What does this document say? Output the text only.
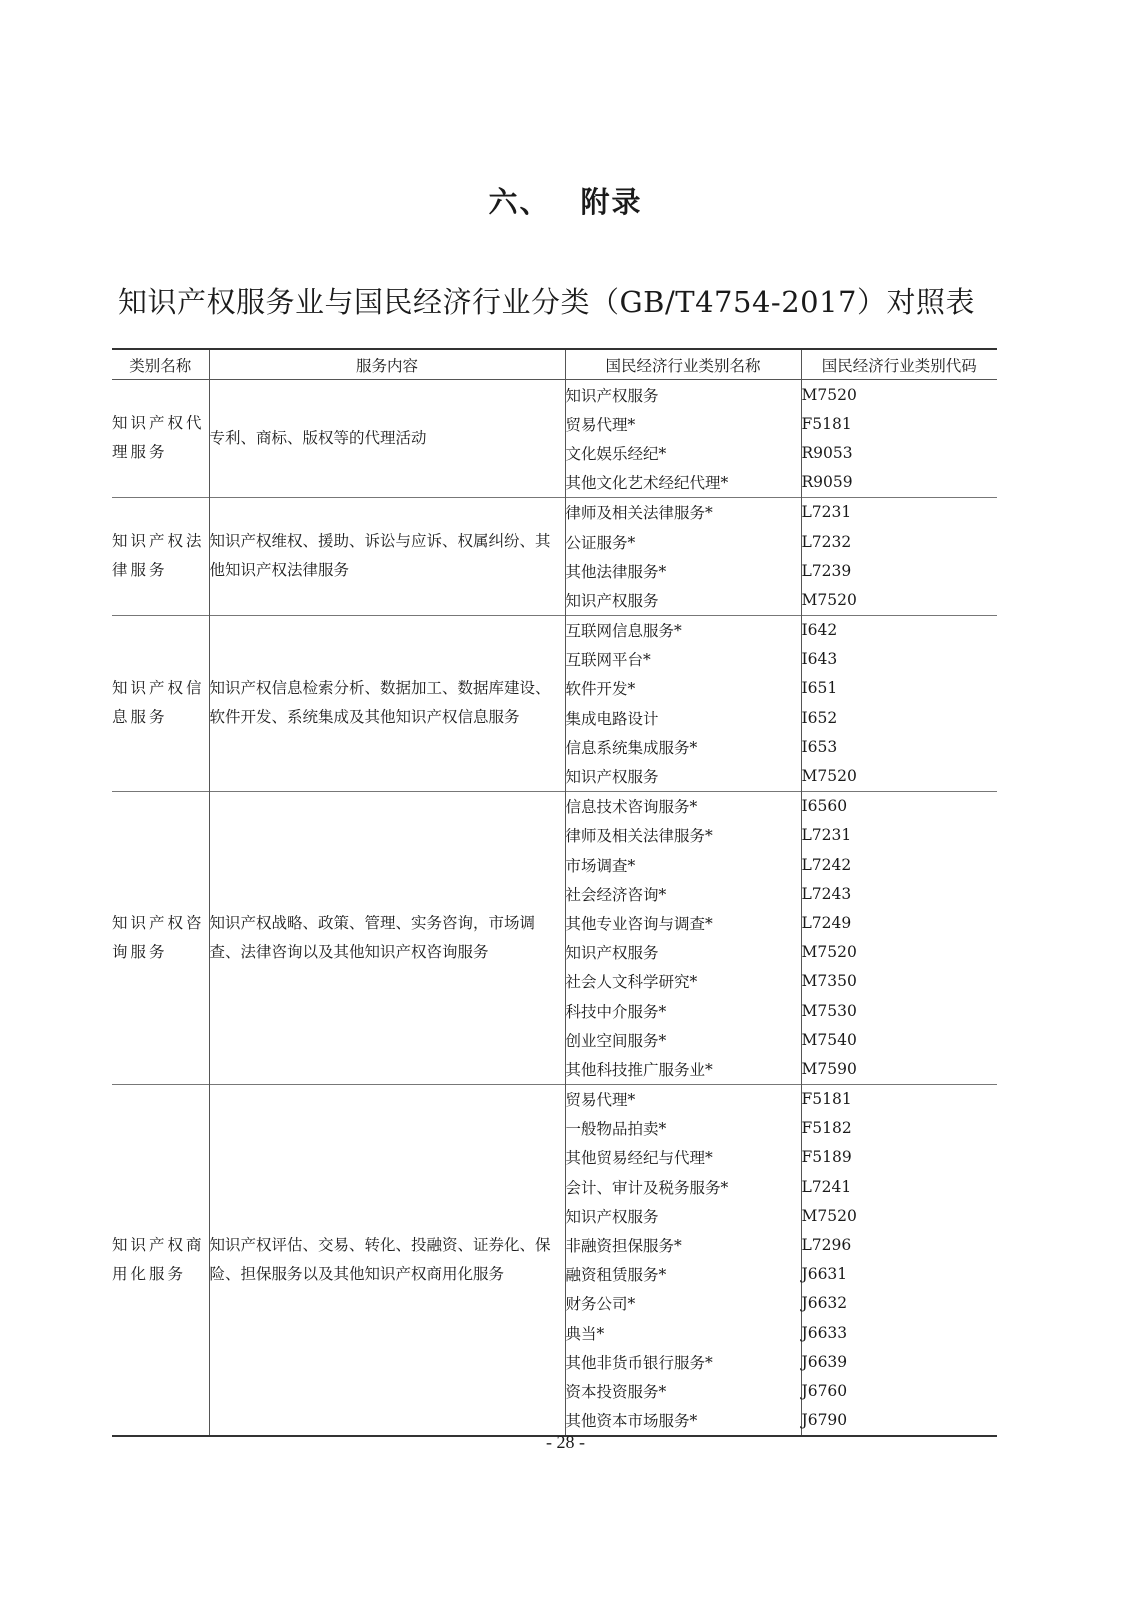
六、 附录
知识产权服务业与国民经济行业分类（GB/T4754-2017）对照表
类别名称	服务内容	国民经济行业类别名称	国民经济行业类别代码
知识产权代理服务	专利、商标、版权等的代理活动	知识产权服务	M7520
		贸易代理*	F5181
		文化娱乐经纪*	R9053
		其他文化艺术经纪代理*	R9059
知识产权法律服务	知识产权维权、援助、诉讼与应诉、权属纠纷、其他知识产权法律服务	律师及相关法律服务*	L7231
		公证服务*	L7232
		其他法律服务*	L7239
		知识产权服务	M7520
知识产权信息服务	知识产权信息检索分析、数据加工、数据库建设、软件开发、系统集成及其他知识产权信息服务	互联网信息服务*	I642
		互联网平台*	I643
		软件开发*	I651
		集成电路设计	I652
		信息系统集成服务*	I653
		知识产权服务	M7520
知识产权咨询服务	知识产权战略、政策、管理、实务咨询，市场调查、法律咨询以及其他知识产权咨询服务	信息技术咨询服务*	I6560
		律师及相关法律服务*	L7231
		市场调查*	L7242
		社会经济咨询*	L7243
		其他专业咨询与调查*	L7249
		知识产权服务	M7520
		社会人文科学研究*	M7350
		科技中介服务*	M7530
		创业空间服务*	M7540
		其他科技推广服务业*	M7590
知识产权商用化服务	知识产权评估、交易、转化、投融资、证券化、保险、担保服务以及其他知识产权商用化服务	贸易代理*	F5181
		一般物品拍卖*	F5182
		其他贸易经纪与代理*	F5189
		会计、审计及税务服务*	L7241
		知识产权服务	M7520
		非融资担保服务*	L7296
		融资租赁服务*	J6631
		财务公司*	J6632
		典当*	J6633
		其他非货币银行服务*	J6639
		资本投资服务*	J6760
		其他资本市场服务*	J6790
- 28 -
